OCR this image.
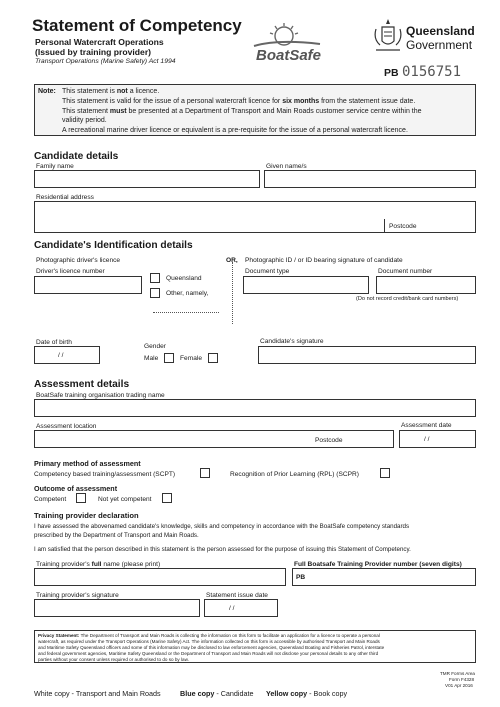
Statement of Competency
Personal Watercraft Operations
(Issued by training provider)
Transport Operations (Marine Safety) Act 1994	BoatSafe
Queensland
Government
PB 0156751
Note: This statement is not a licence.
This statement is valid for the issue of a personal watercraft licence for six months from the statement issue date.
This statement must be presented at a Department of Transport and Main Roads customer service centre within the
validity period.
A recreational marine driver licence or equivalent is a pre-requisite for the issue of a personal watercraft licence.
Candidate details
Family name	Given name/s
Residential address
Postcode
Candidate's Identification details
Photographic driver's licence
Driver's licence number
Queensland
Other, namely,
OR, Photographic ID / or ID bearing signature of candidate
Document type	Document number
(Do not record credit/bank card numbers)
Date of birth
/ /
Gender
Male	Female
Candidate's signature
Assessment details
BoatSafe training organisation trading name
Assessment location
Postcode
Assessment date
/ /
Primary method of assessment
Competency based training/assessment (SCPT)	Recognition of Prior Learning (RPL) (SCPR)
Outcome of assessment
Competent	Not yet competent
Training provider declaration
I have assessed the abovenamed candidate's knowledge, skills and competency in accordance with the BoatSafe competency standards
prescribed by the Department of Transport and Main Roads.
I am satisfied that the person described in this statement is the person assessed for the purpose of issuing this Statement of Competency.
Training provider's full name (please print)	Full Boatsafe Training Provider number (seven digits)
PB
Training provider's signature	Statement issue date
/ /
Privacy Statement: The Department of Transport and Main Roads is collecting the information on this form to facilitate an application for a licence to operate a personal
watercraft, as required under the Transport Operations (Marine Safety) Act. The information collected on this form is accessible by authorised Transport and Main Roads
and Maritime Safety Queensland officers and some of this information may be disclosed to law enforcement agencies, Queensland Boating and Fisheries Patrol, interstate
and federal government agencies, Maritime Safety Queensland or the Department of Transport and Main Roads will not disclose your personal details to any other third
parties without your consent unless required or authorised to do so by law.
TMR Forms Area
Form F4328
V01 Apr 2016
White copy - Transport and Main Roads	Blue copy - Candidate Yellow copy - Book copy
